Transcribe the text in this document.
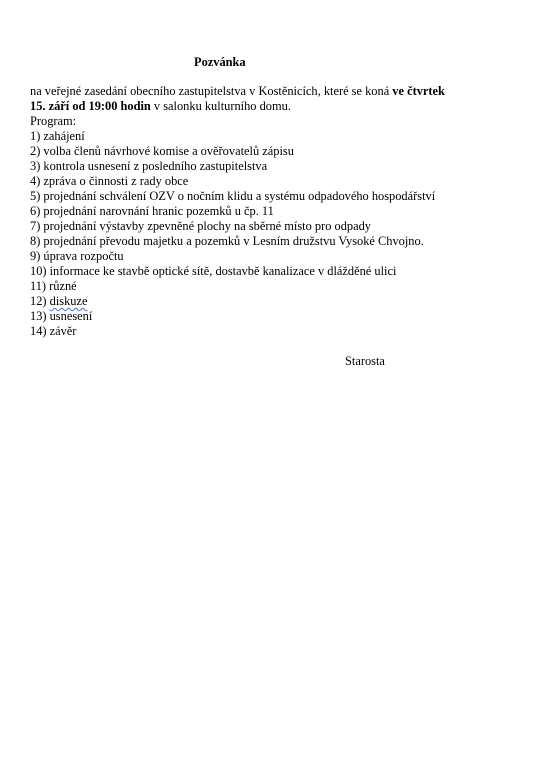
Pozvánka
na veřejné zasedání obecního zastupitelstva v Kostěnicích, které se koná ve čtvrtek
15. září od 19:00 hodin v salonku kulturního domu.
Program:
1) zahájení
2) volba členů návrhové komise a ověřovatelů zápisu
3) kontrola usnesení z posledního zastupitelstva
4) zpráva o činnosti z rady obce
5) projednání schválení OZV o nočním klidu a systému odpadového hospodářství
6) projednání narovnání hranic pozemků u čp. 11
7) projednání výstavby zpevněné plochy na sběrné místo pro odpady
8) projednání převodu majetku a pozemků v Lesním družstvu Vysoké Chvojno.
9) úprava rozpočtu
10) informace ke stavbě optické sítě, dostavbě kanalizace v dlážděné ulici
11) různé
12) diskuze
13) usnesení
14) závěr
Starosta
